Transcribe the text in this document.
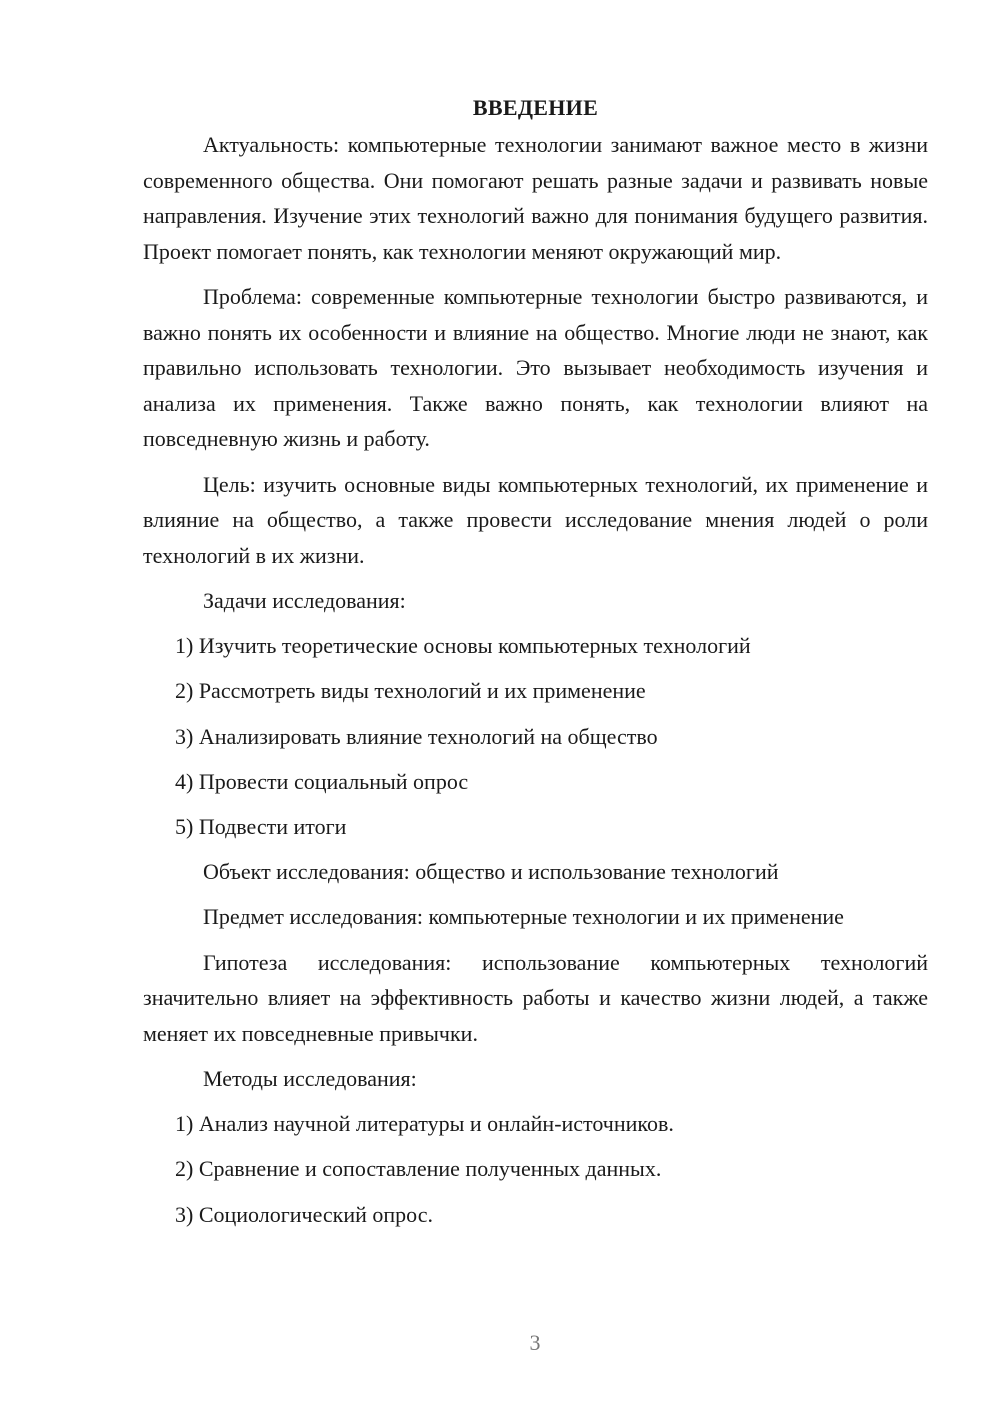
ВВЕДЕНИЕ

Актуальность: компьютерные технологии занимают важное место в жизни современного общества. Они помогают решать разные задачи и развивать новые направления. Изучение этих технологий важно для понимания будущего развития. Проект помогает понять, как технологии меняют окружающий мир.

Проблема: современные компьютерные технологии быстро развиваются, и важно понять их особенности и влияние на общество. Многие люди не знают, как правильно использовать технологии. Это вызывает необходимость изучения и анализа их применения. Также важно понять, как технологии влияют на повседневную жизнь и работу.

Цель: изучить основные виды компьютерных технологий, их применение и влияние на общество, а также провести исследование мнения людей о роли технологий в их жизни.

Задачи исследования:
1) Изучить теоретические основы компьютерных технологий
2) Рассмотреть виды технологий и их применение
3) Анализировать влияние технологий на общество
4) Провести социальный опрос
5) Подвести итоги
Объект исследования: общество и использование технологий
Предмет исследования: компьютерные технологии и их применение

Гипотеза исследования: использование компьютерных технологий значительно влияет на эффективность работы и качество жизни людей, а также меняет их повседневные привычки.

Методы исследования:
1) Анализ научной литературы и онлайн-источников.
2) Сравнение и сопоставление полученных данных.
3) Социологический опрос.
3
